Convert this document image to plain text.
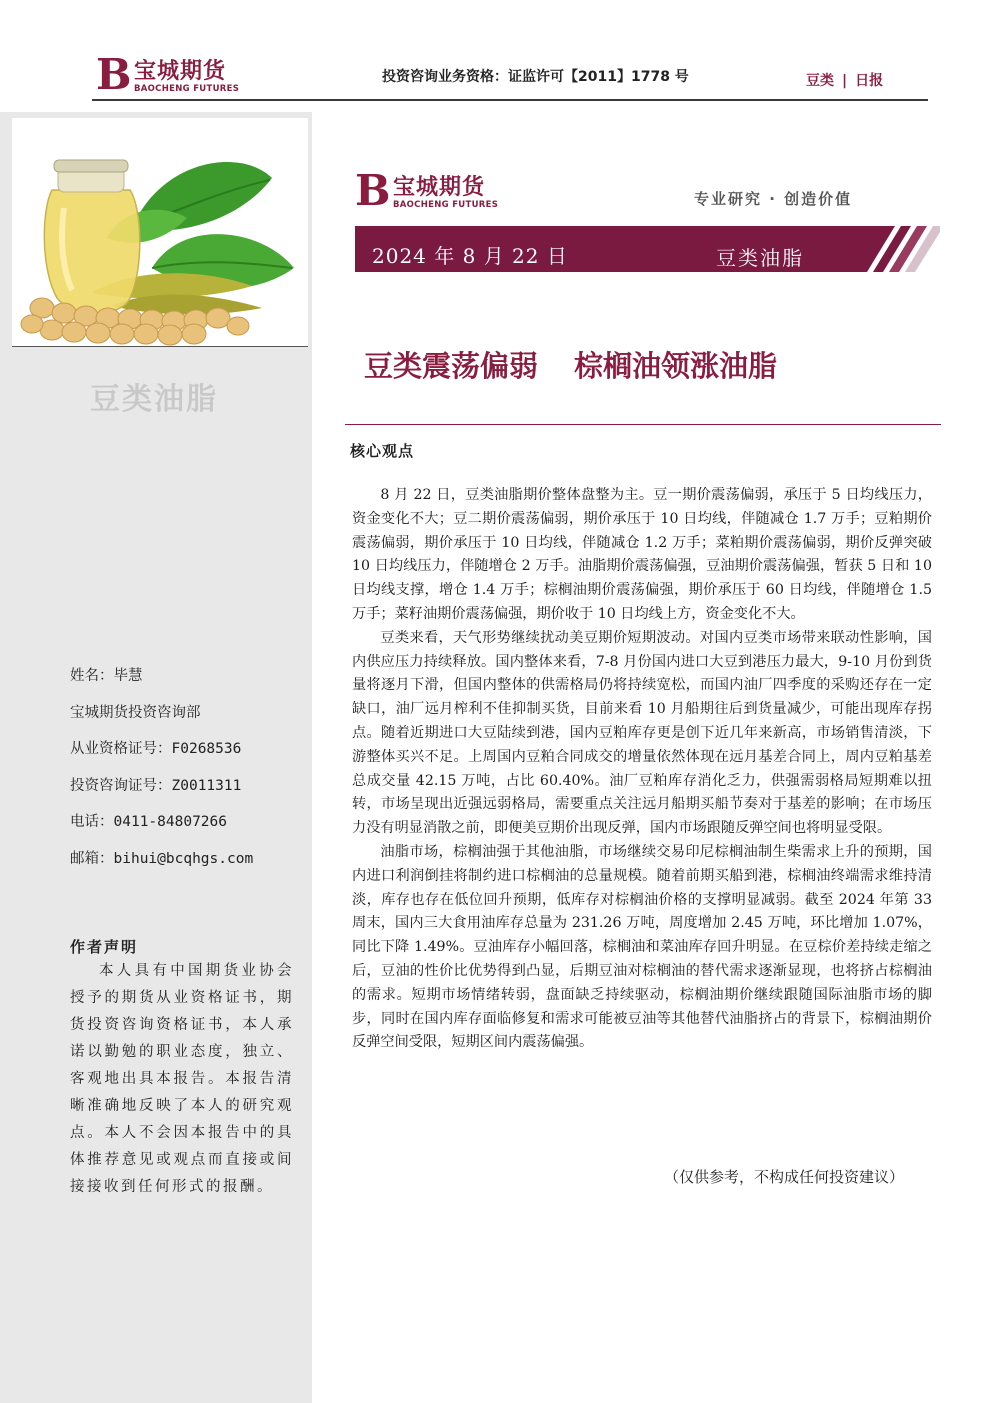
B 宝城期货
BAOCHENG FUTURES
投资咨询业务资格：证监许可【2011】1778 号	豆类 | 日报
豆类油脂
姓名：毕慧
宝城期货投资咨询部
从业资格证号：F0268536
投资咨询证号：Z0011311
电话：0411-84807266
邮箱：bihui@bcqhgs.com
作者声明
本人具有中国期货业协会授予的期货从业资格证书，期货投资咨询资格证书，本人承诺以勤勉的职业态度，独立、客观地出具本报告。本报告清晰准确地反映了本人的研究观点。本人不会因本报告中的具体推荐意见或观点而直接或间接接收到任何形式的报酬。
B 宝城期货
BAOCHENG FUTURES	专业研究 · 创造价值
2024 年 8 月 22 日	豆类油脂
豆类震荡偏弱 棕榈油领涨油脂
核心观点

8 月 22 日，豆类油脂期价整体盘整为主。豆一期价震荡偏弱，承压于 5 日均线压力，资金变化不大；豆二期价震荡偏弱，期价承压于 10 日均线，伴随减仓 1.7 万手；豆粕期价震荡偏弱，期价承压于 10 日均线，伴随减仓 1.2 万手；菜粕期价震荡偏弱，期价反弹突破 10 日均线压力，伴随增仓 2 万手。油脂期价震荡偏强，豆油期价震荡偏强，暂获 5 日和 10 日均线支撑，增仓 1.4 万手；棕榈油期价震荡偏强，期价承压于 60 日均线，伴随增仓 1.5 万手；菜籽油期价震荡偏强，期价收于 10 日均线上方，资金变化不大。

豆类来看，天气形势继续扰动美豆期价短期波动。对国内豆类市场带来联动性影响，国内供应压力持续释放。国内整体来看，7-8 月份国内进口大豆到港压力最大，9-10 月份到货量将逐月下滑，但国内整体的供需格局仍将持续宽松，而国内油厂四季度的采购还存在一定缺口，油厂远月榨利不佳抑制买货，目前来看 10 月船期往后到货量减少，可能出现库存拐点。随着近期进口大豆陆续到港，国内豆粕库存更是创下近几年来新高，市场销售清淡，下游整体买兴不足。上周国内豆粕合同成交的增量依然体现在远月基差合同上，周内豆粕基差总成交量 42.15 万吨，占比 60.40%。油厂豆粕库存消化乏力，供强需弱格局短期难以扭转，市场呈现出近强远弱格局，需要重点关注远月船期买船节奏对于基差的影响；在市场压力没有明显消散之前，即便美豆期价出现反弹，国内市场跟随反弹空间也将明显受限。

油脂市场，棕榈油强于其他油脂，市场继续交易印尼棕榈油制生柴需求上升的预期，国内进口利润倒挂将制约进口棕榈油的总量规模。随着前期买船到港，棕榈油终端需求维持清淡，库存也存在低位回升预期，低库存对棕榈油价格的支撑明显减弱。截至 2024 年第 33 周末，国内三大食用油库存总量为 231.26 万吨，周度增加 2.45 万吨，环比增加 1.07%，同比下降 1.49%。豆油库存小幅回落，棕榈油和菜油库存回升明显。在豆棕价差持续走缩之后，豆油的性价比优势得到凸显，后期豆油对棕榈油的替代需求逐渐显现，也将挤占棕榈油的需求。短期市场情绪转弱，盘面缺乏持续驱动，棕榈油期价继续跟随国际油脂市场的脚步，同时在国内库存面临修复和需求可能被豆油等其他替代油脂挤占的背景下，棕榈油期价反弹空间受限，短期区间内震荡偏强。

（仅供参考，不构成任何投资建议）
